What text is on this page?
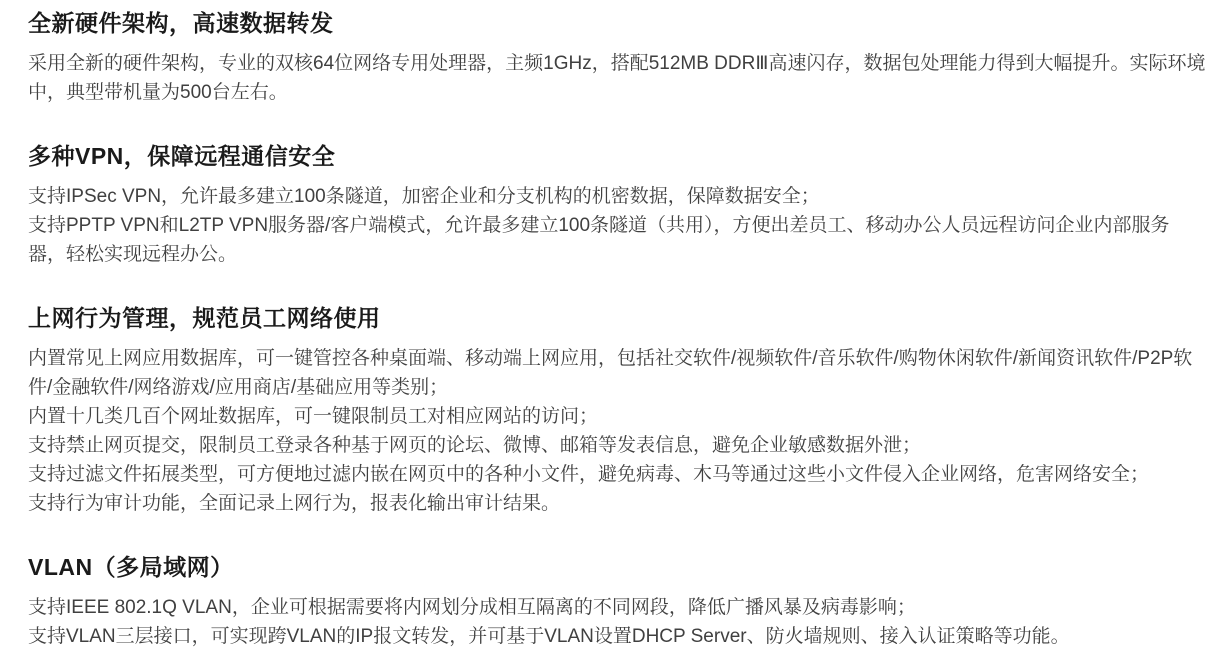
全新硬件架构，高速数据转发

采用全新的硬件架构，专业的双核64位网络专用处理器，主频1GHz，搭配512MB DDRⅢ高速闪存，数据包处理能力得到大幅提升。实际环境中，典型带机量为500台左右。

多种VPN，保障远程通信安全

支持IPSec VPN，允许最多建立100条隧道，加密企业和分支机构的机密数据，保障数据安全；

支持PPTP VPN和L2TP VPN服务器/客户端模式，允许最多建立100条隧道（共用），方便出差员工、移动办公人员远程访问企业内部服务器，轻松实现远程办公。

上网行为管理，规范员工网络使用

内置常见上网应用数据库，可一键管控各种桌面端、移动端上网应用，包括社交软件/视频软件/音乐软件/购物休闲软件/新闻资讯软件/P2P软件/金融软件/网络游戏/应用商店/基础应用等类别；

内置十几类几百个网址数据库，可一键限制员工对相应网站的访问；

支持禁止网页提交，限制员工登录各种基于网页的论坛、微博、邮箱等发表信息，避免企业敏感数据外泄；

支持过滤文件拓展类型，可方便地过滤内嵌在网页中的各种小文件，避免病毒、木马等通过这些小文件侵入企业网络，危害网络安全；

支持行为审计功能，全面记录上网行为，报表化输出审计结果。

VLAN（多局域网）

支持IEEE 802.1Q VLAN，企业可根据需要将内网划分成相互隔离的不同网段，降低广播风暴及病毒影响；

支持VLAN三层接口，可实现跨VLAN的IP报文转发，并可基于VLAN设置DHCP Server、防火墙规则、接入认证策略等功能。
